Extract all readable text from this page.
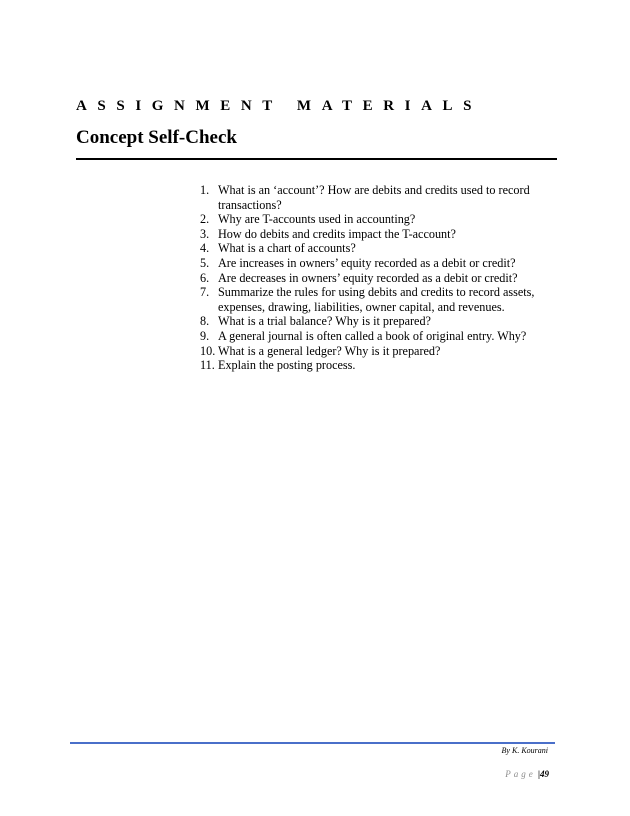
ASSIGNMENT MATERIALS
Concept Self-Check
1. What is an ‘account’? How are debits and credits used to record transactions?
2. Why are T-accounts used in accounting?
3. How do debits and credits impact the T-account?
4. What is a chart of accounts?
5. Are increases in owners’ equity recorded as a debit or credit?
6. Are decreases in owners’ equity recorded as a debit or credit?
7. Summarize the rules for using debits and credits to record assets, expenses, drawing, liabilities, owner capital, and revenues.
8. What is a trial balance? Why is it prepared?
9. A general journal is often called a book of original entry. Why?
10. What is a general ledger? Why is it prepared?
11. Explain the posting process.
By K. Kourani
Page |49
